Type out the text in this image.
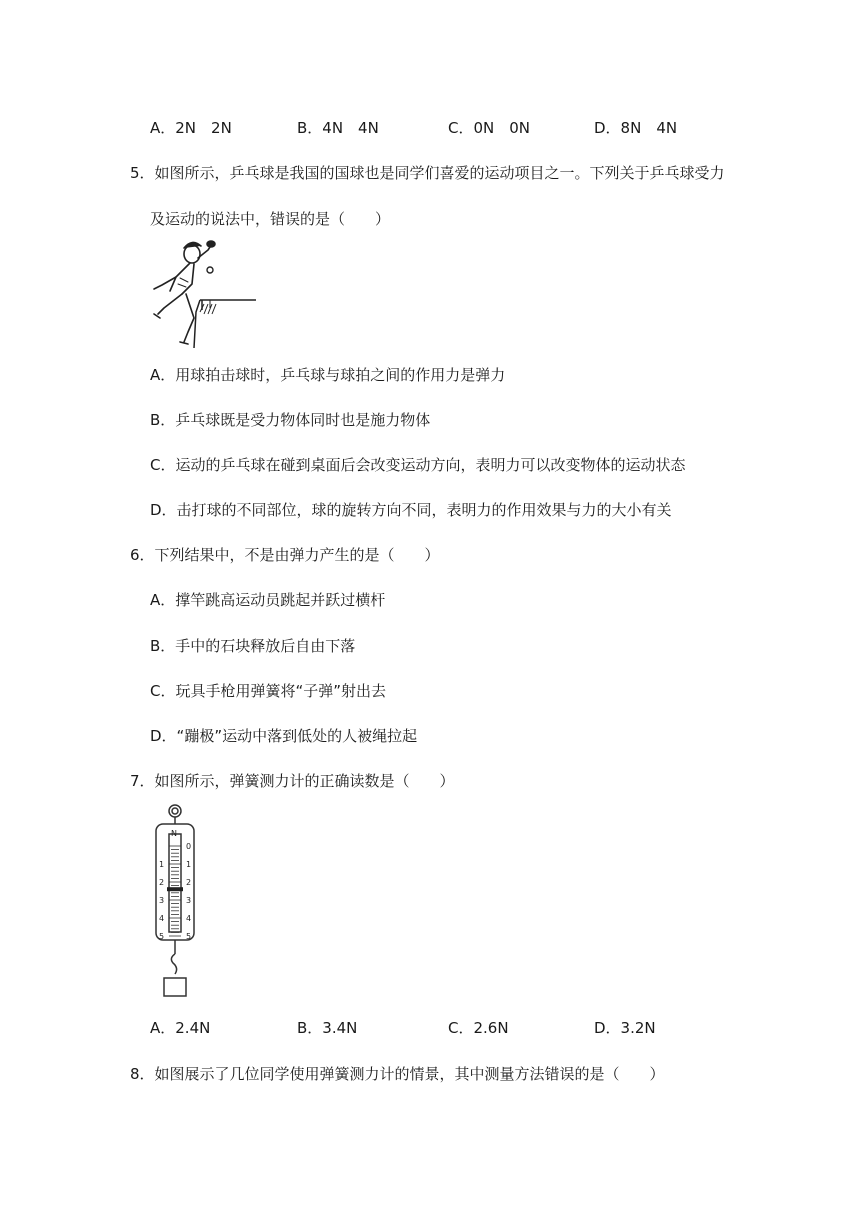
A．2N　2N	B．4N　4N	C．0N　0N	D．8N　4N
5．如图所示，乒乓球是我国的国球也是同学们喜爱的运动项目之一。下列关于乒乓球受力
及运动的说法中，错误的是（　　）
A．用球拍击球时，乒乓球与球拍之间的作用力是弹力
B．乒乓球既是受力物体同时也是施力物体
C．运动的乒乓球在碰到桌面后会改变运动方向，表明力可以改变物体的运动状态
D．击打球的不同部位，球的旋转方向不同，表明力的作用效果与力的大小有关
6．下列结果中，不是由弹力产生的是（　　）
A．撑竿跳高运动员跳起并跃过横杆
B．手中的石块释放后自由下落
C．玩具手枪用弹簧将“子弹”射出去
D．“蹦极”运动中落到低处的人被绳拉起
7．如图所示，弹簧测力计的正确读数是（　　）
N
0
1	1
2	2
3	3
4	4
5	5
A．2.4N	B．3.4N	C．2.6N	D．3.2N
8．如图展示了几位同学使用弹簧测力计的情景，其中测量方法错误的是（　　）
